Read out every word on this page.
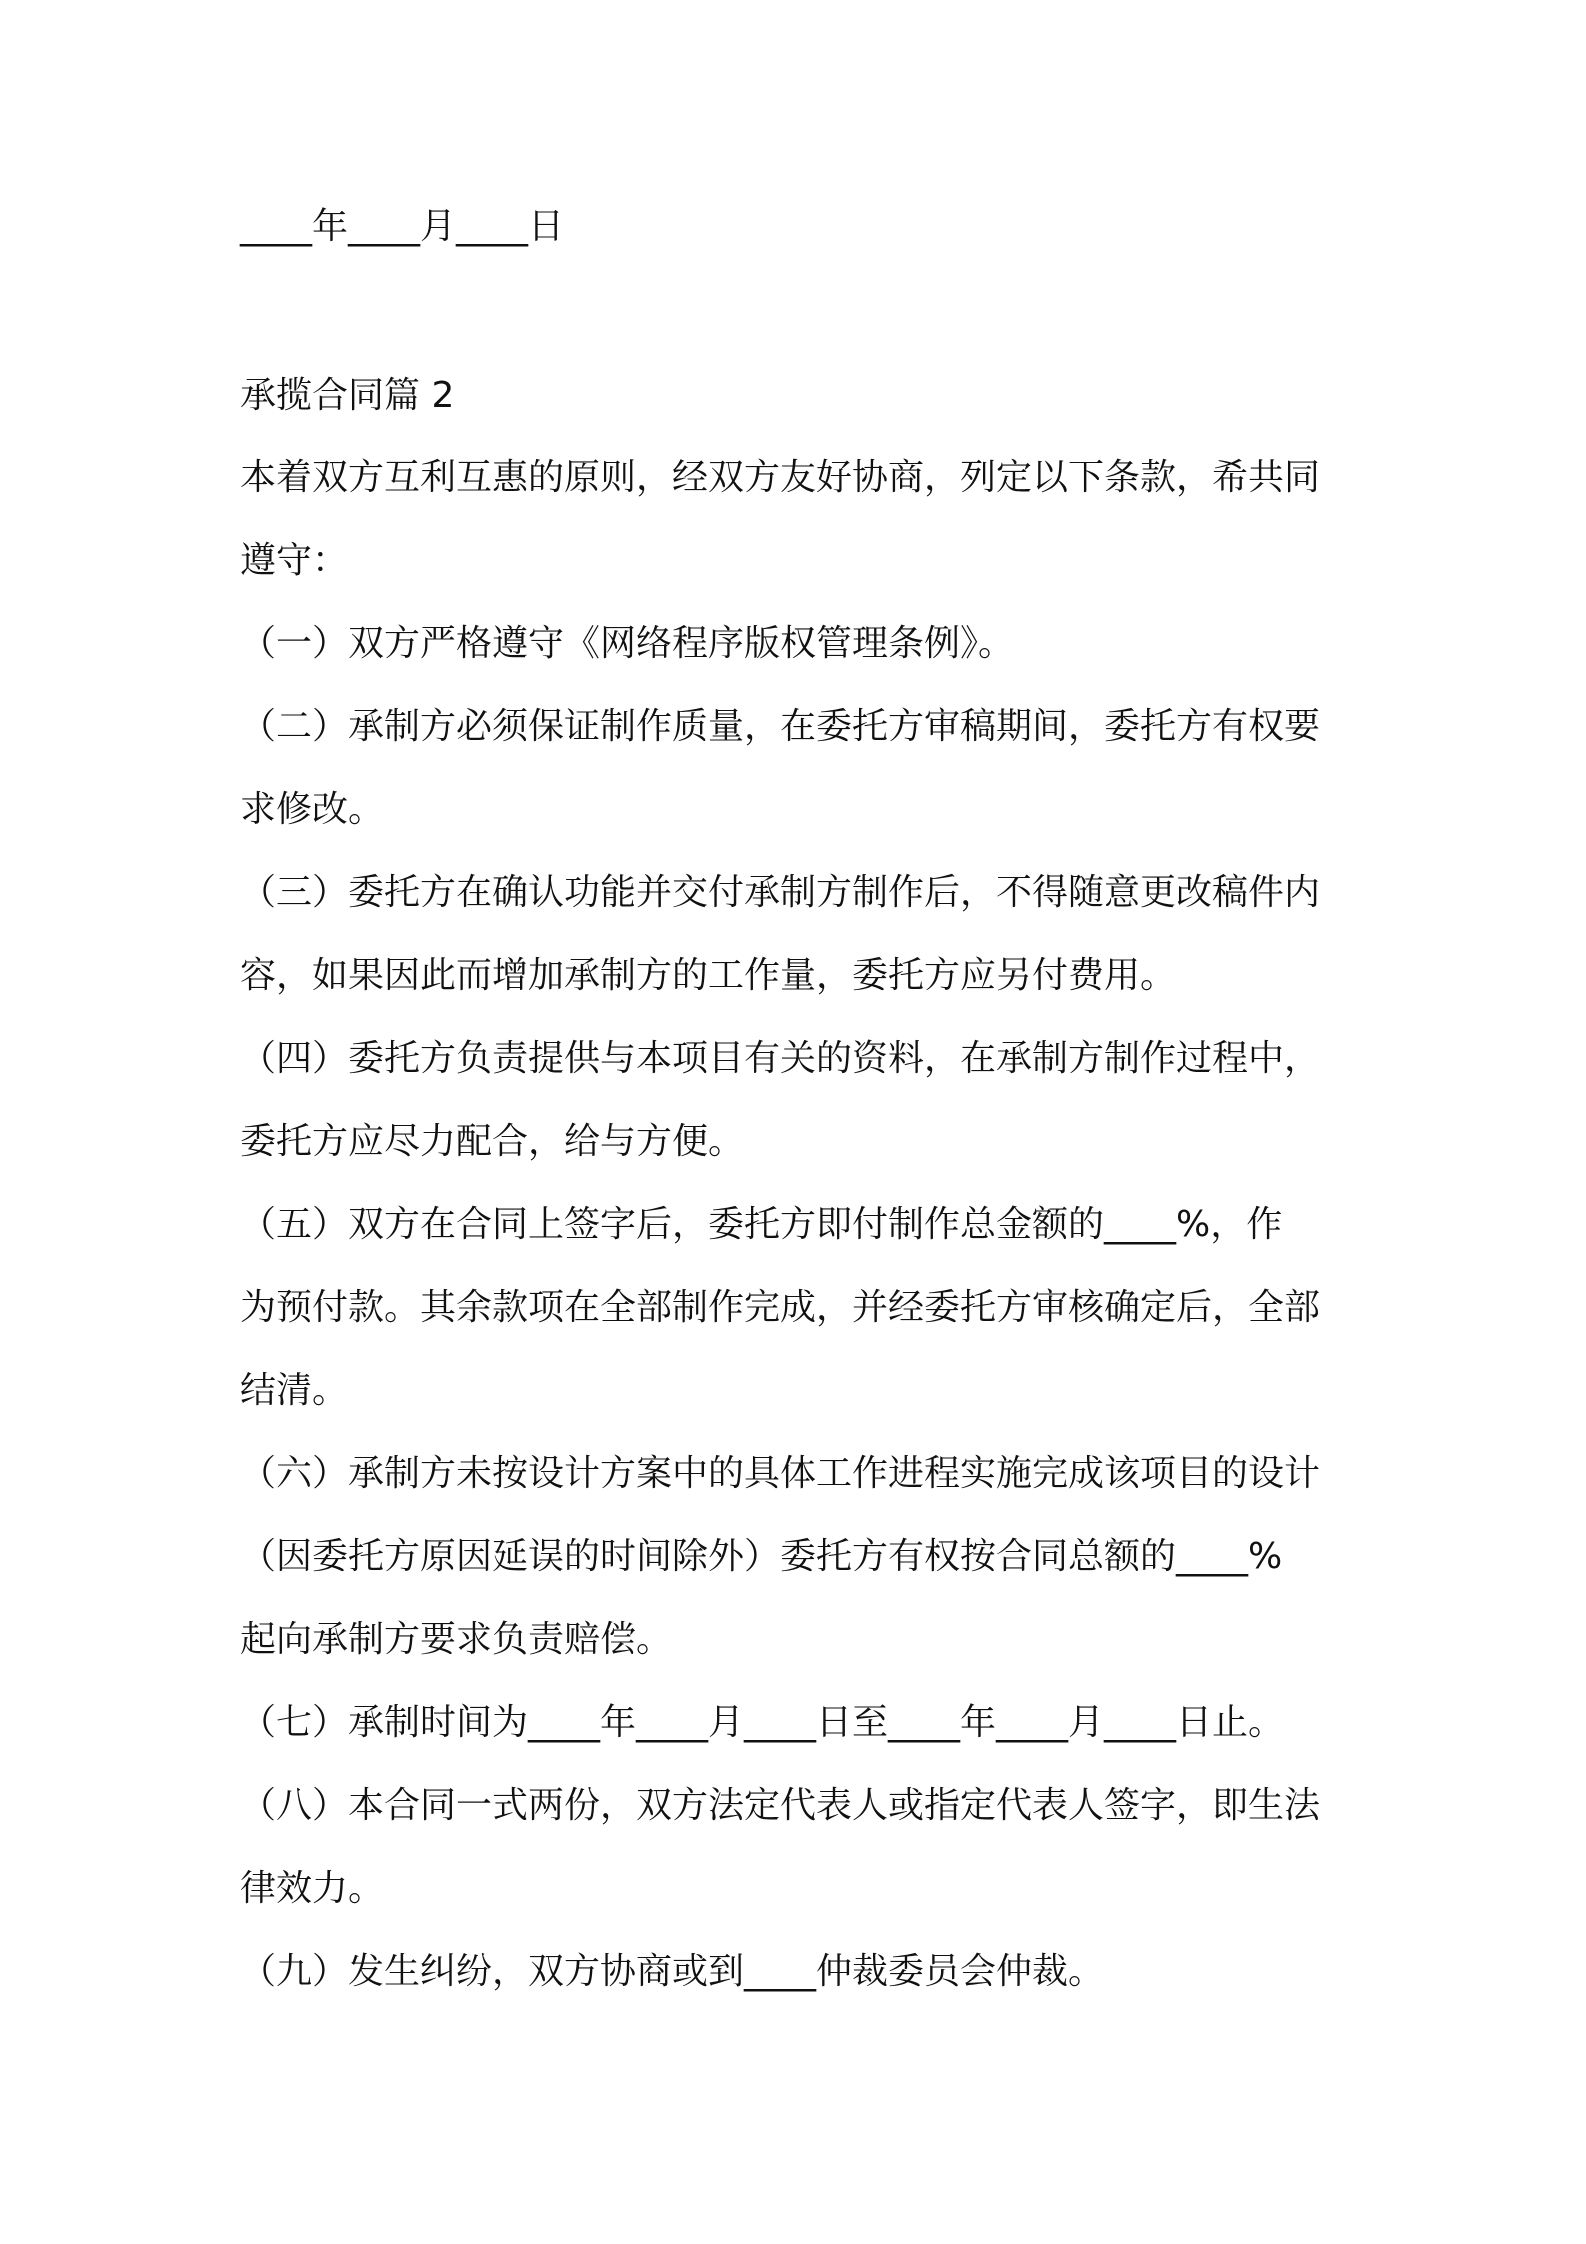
____年____月____日
承揽合同篇 2
本着双方互利互惠的原则，经双方友好协商，列定以下条款，希共同
遵守：
（一）双方严格遵守《网络程序版权管理条例》。
（二）承制方必须保证制作质量，在委托方审稿期间，委托方有权要
求修改。
（三）委托方在确认功能并交付承制方制作后，不得随意更改稿件内
容，如果因此而增加承制方的工作量，委托方应另付费用。
（四）委托方负责提供与本项目有关的资料，在承制方制作过程中，
委托方应尽力配合，给与方便。
（五）双方在合同上签字后，委托方即付制作总金额的____%，作
为预付款。其余款项在全部制作完成，并经委托方审核确定后，全部
结清。
（六）承制方未按设计方案中的具体工作进程实施完成该项目的设计
（因委托方原因延误的时间除外）委托方有权按合同总额的____%
起向承制方要求负责赔偿。
（七）承制时间为____年____月____日至____年____月____日止。
（八）本合同一式两份，双方法定代表人或指定代表人签字，即生法
律效力。
（九）发生纠纷，双方协商或到____仲裁委员会仲裁。
